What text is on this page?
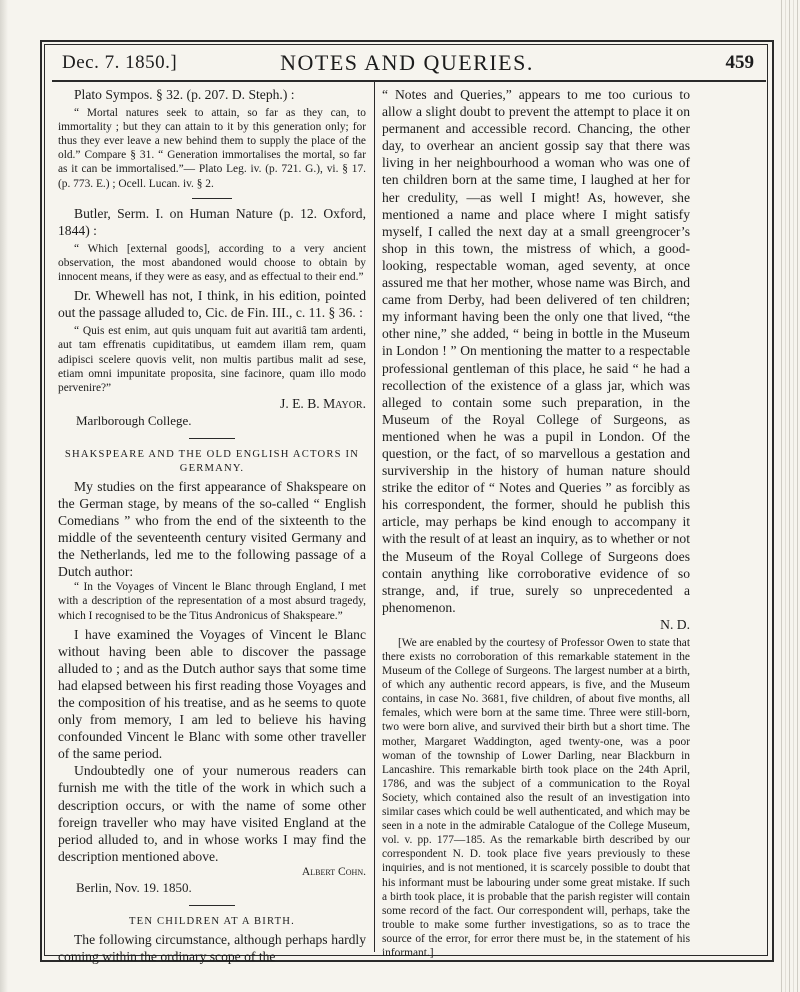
Dec. 7. 1850.]	NOTES AND QUERIES.	459

Plato Sympos. § 32. (p. 207. D. Steph.) :

“ Mortal natures seek to attain, so far as they can, to immortality ; but they can attain to it by this generation only; for thus they ever leave a new behind them to supply the place of the old.” Compare § 31. “ Generation immortalises the mortal, so far as it can be immortalised.”— Plato Leg. iv. (p. 721. G.), vi. § 17. (p. 773. E.) ; Ocell. Lucan. iv. § 2.

Butler, Serm. I. on Human Nature (p. 12. Oxford, 1844) :

“ Which [external goods], according to a very ancient observation, the most abandoned would choose to obtain by innocent means, if they were as easy, and as effectual to their end.”

Dr. Whewell has not, I think, in his edition, pointed out the passage alluded to, Cic. de Fin. III., c. 11. § 36. :

“ Quis est enim, aut quis unquam fuit aut avaritiâ tam ardenti, aut tam effrenatis cupiditatibus, ut eamdem illam rem, quam adipisci scelere quovis velit, non multis partibus malit ad sese, etiam omni impunitate proposita, sine facinore, quam illo modo pervenire?”

J. E. B. Mayor.

Marlborough College.

SHAKSPEARE AND THE OLD ENGLISH ACTORS IN GERMANY.

My studies on the first appearance of Shakspeare on the German stage, by means of the so-called “ English Comedians ” who from the end of the sixteenth to the middle of the seventeenth century visited Germany and the Netherlands, led me to the following passage of a Dutch author:

“ In the Voyages of Vincent le Blanc through England, I met with a description of the representation of a most absurd tragedy, which I recognised to be the Titus Andronicus of Shakspeare.”

I have examined the Voyages of Vincent le Blanc without having been able to discover the passage alluded to ; and as the Dutch author says that some time had elapsed between his first reading those Voyages and the composition of his treatise, and as he seems to quote only from memory, I am led to believe his having confounded Vincent le Blanc with some other traveller of the same period.

Undoubtedly one of your numerous readers can furnish me with the title of the work in which such a description occurs, or with the name of some other foreign traveller who may have visited England at the period alluded to, and in whose works I may find the description mentioned above.

Albert Cohn.

Berlin, Nov. 19. 1850.

TEN CHILDREN AT A BIRTH.

The following circumstance, although perhaps hardly coming within the ordinary scope of the

“ Notes and Queries,” appears to me too curious to allow a slight doubt to prevent the attempt to place it on permanent and accessible record. Chancing, the other day, to overhear an ancient gossip say that there was living in her neighbourhood a woman who was one of ten children born at the same time, I laughed at her for her credulity, —as well I might! As, however, she mentioned a name and place where I might satisfy myself, I called the next day at a small greengrocer’s shop in this town, the mistress of which, a good-looking, respectable woman, aged seventy, at once assured me that her mother, whose name was Birch, and came from Derby, had been delivered of ten children; my informant having been the only one that lived, “the other nine,” she added, “ being in bottle in the Museum in London ! ” On mentioning the matter to a respectable professional gentleman of this place, he said “ he had a recollection of the existence of a glass jar, which was alleged to contain some such preparation, in the Museum of the Royal College of Surgeons, as mentioned when he was a pupil in London. Of the question, or the fact, of so marvellous a gestation and survivership in the history of human nature should strike the editor of “ Notes and Queries ” as forcibly as his correspondent, the former, should he publish this article, may perhaps be kind enough to accompany it with the result of at least an inquiry, as to whether or not the Museum of the Royal College of Surgeons does contain anything like corroborative evidence of so strange, and, if true, surely so unprecedented a phenomenon.

N. D.

[We are enabled by the courtesy of Professor Owen to state that there exists no corroboration of this remarkable statement in the Museum of the College of Surgeons. The largest number at a birth, of which any authentic record appears, is five, and the Museum contains, in case No. 3681, five children, of about five months, all females, which were born at the same time. Three were still-born, two were born alive, and survived their birth but a short time. The mother, Margaret Waddington, aged twenty-one, was a poor woman of the township of Lower Darling, near Blackburn in Lancashire. This remarkable birth took place on the 24th April, 1786, and was the subject of a communication to the Royal Society, which contained also the result of an investigation into similar cases which could be well authenticated, and which may be seen in a note in the admirable Catalogue of the College Museum, vol. v. pp. 177—185. As the remarkable birth described by our correspondent N. D. took place five years previously to these inquiries, and is not mentioned, it is scarcely possible to doubt that his informant must be labouring under some great mistake. If such a birth took place, it is probable that the parish register will contain some record of the fact. Our correspondent will, perhaps, take the trouble to make some further investigations, so as to trace the source of the error, for error there must be, in the statement of his informant.]
